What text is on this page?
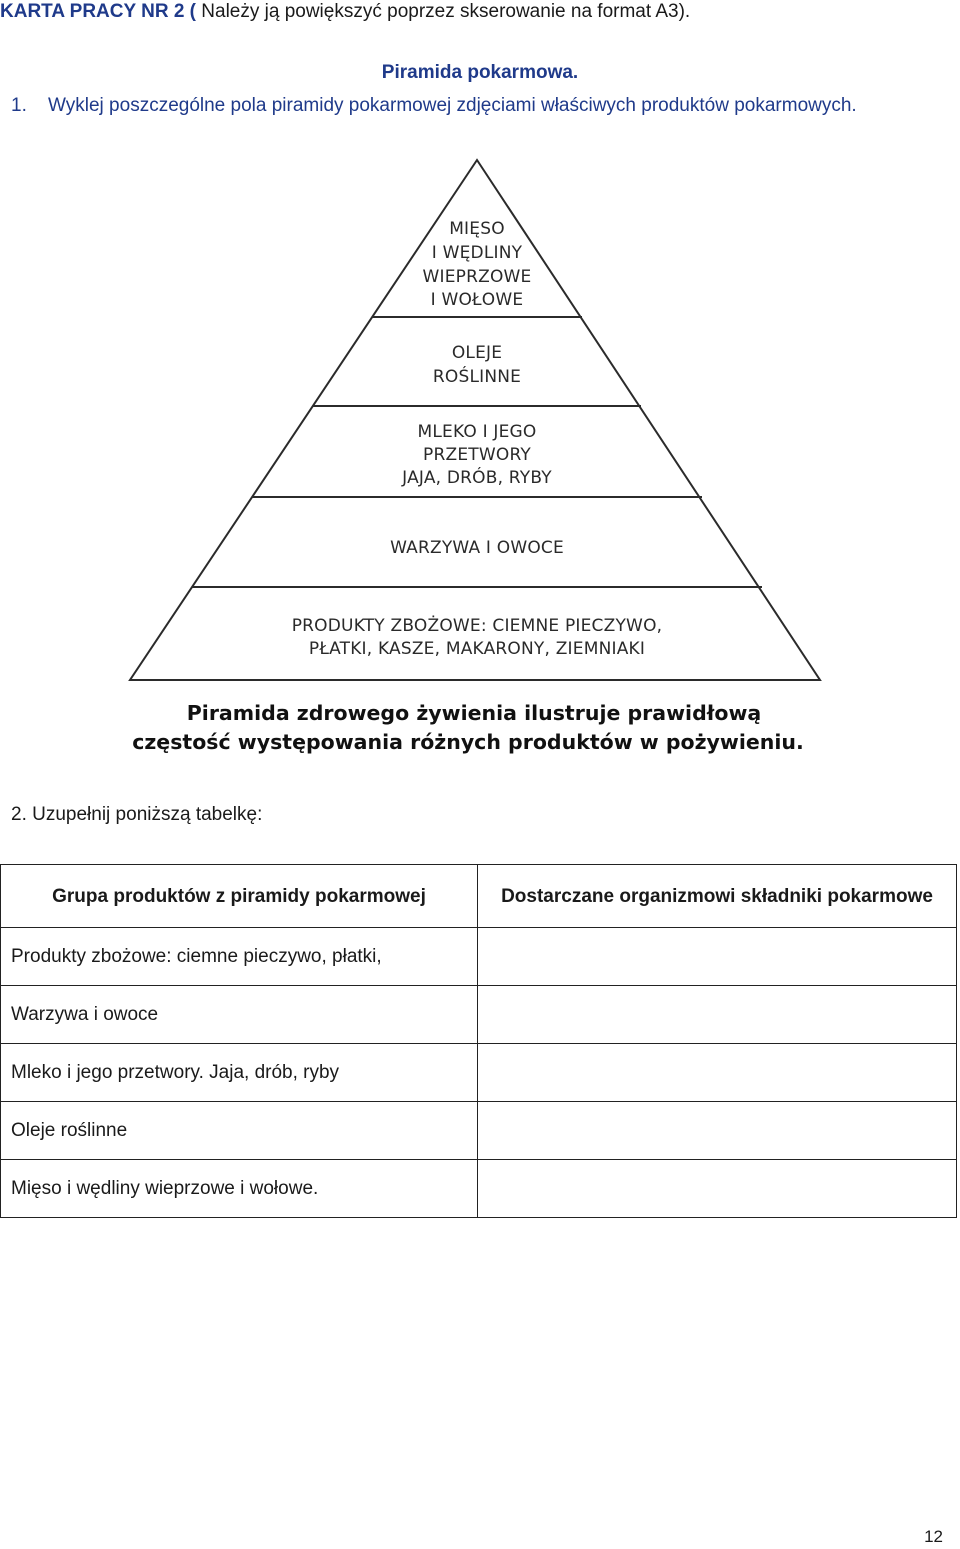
KARTA PRACY NR 2 ( Należy ją powiększyć poprzez skserowanie na format A3).
Piramida pokarmowa.
1. Wyklej poszczególne pola piramidy pokarmowej zdjęciami właściwych produktów pokarmowych.
MIĘSO
I WĘDLINY
WIEPRZOWE
I WOŁOWE
OLEJE
ROŚLINNE
MLEKO I JEGO
PRZETWORY
JAJA, DRÓB, RYBY
WARZYWA I OWOCE
PRODUKTY ZBOŻOWE: CIEMNE PIECZYWO,
PŁATKI, KASZE, MAKARONY, ZIEMNIAKI
Piramida zdrowego żywienia ilustruje prawidłową
częstość występowania różnych produktów w pożywieniu.
2. Uzupełnij poniższą tabelkę:
Grupa produktów z piramidy pokarmowej	Dostarczane organizmowi składniki pokarmowe
Produkty zbożowe: ciemne pieczywo, płatki,	
Warzywa i owoce	
Mleko i jego przetwory. Jaja, drób, ryby	
Oleje roślinne	
Mięso i wędliny wieprzowe i wołowe.	
12
